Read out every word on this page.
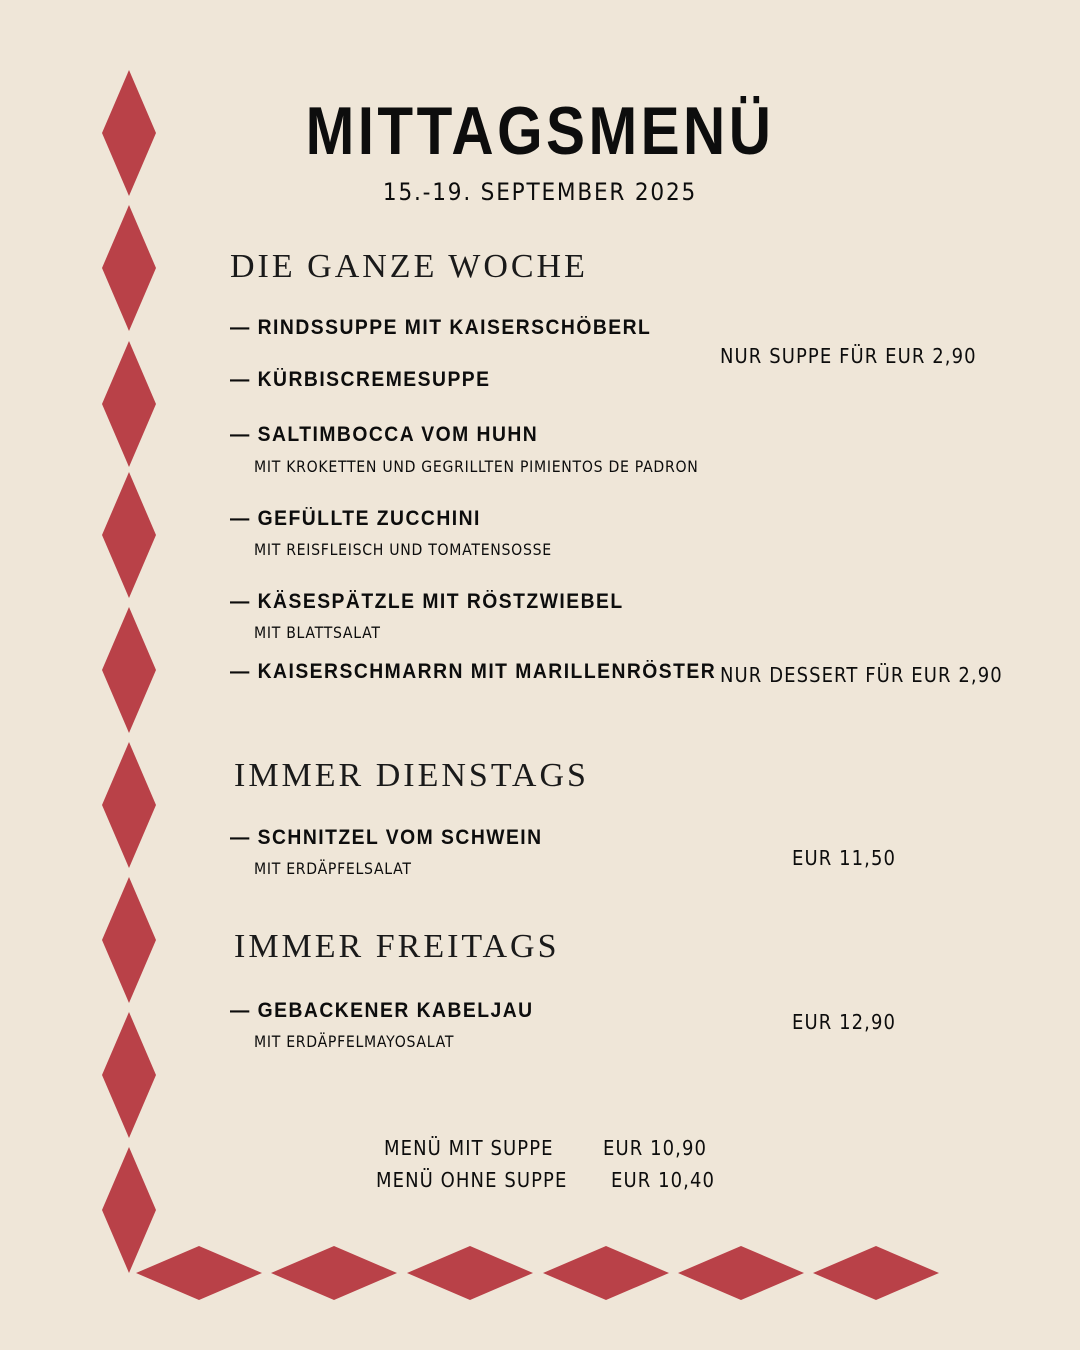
MITTAGSMENÜ
15.-19. SEPTEMBER 2025
DIE GANZE WOCHE
— RINDSSUPPE MIT KAISERSCHÖBERL
— KÜRBISCREMESUPPE
NUR SUPPE FÜR EUR 2,90
— SALTIMBOCCA VOM HUHN
MIT KROKETTEN UND GEGRILLTEN PIMIENTOS DE PADRON
— GEFÜLLTE ZUCCHINI
MIT REISFLEISCH UND TOMATENSOSSE
— KÄSESPÄTZLE MIT RÖSTZWIEBEL
MIT BLATTSALAT
— KAISERSCHMARRN MIT MARILLENRÖSTER NUR DESSERT FÜR EUR 2,90
IMMER DIENSTAGS
— SCHNITZEL VOM SCHWEIN
MIT ERDÄPFELSALAT	EUR 11,50
IMMER FREITAGS
— GEBACKENER KABELJAU
MIT ERDÄPFELMAYOSALAT
EUR 12,90
MENÜ MIT SUPPE EUR 10,90
MENÜ OHNE SUPPE EUR 10,40
